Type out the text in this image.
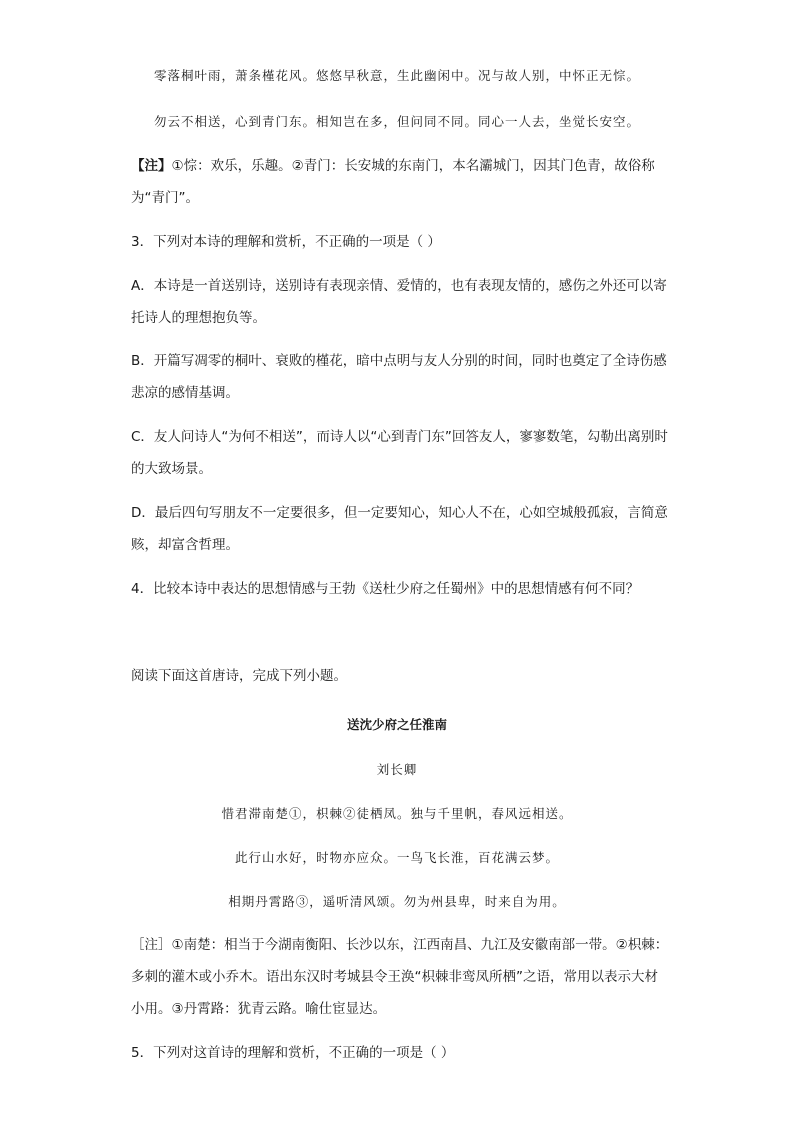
零落桐叶雨，萧条槿花风。悠悠早秋意，生此幽闲中。况与故人别，中怀正无悰。
勿云不相送，心到青门东。相知岂在多，但问同不同。同心一人去，坐觉长安空。
【注】①悰：欢乐，乐趣。②青门：长安城的东南门，本名灞城门，因其门色青，故俗称为“青门”。
3．下列对本诗的理解和赏析，不正确的一项是（ ）
A．本诗是一首送别诗，送别诗有表现亲情、爱情的，也有表现友情的，感伤之外还可以寄托诗人的理想抱负等。
B．开篇写凋零的桐叶、衰败的槿花，暗中点明与友人分别的时间，同时也奠定了全诗伤感悲凉的感情基调。
C．友人问诗人“为何不相送”，而诗人以“心到青门东”回答友人，寥寥数笔，勾勒出离别时的大致场景。
D．最后四句写朋友不一定要很多，但一定要知心，知心人不在，心如空城般孤寂，言简意赅，却富含哲理。
4．比较本诗中表达的思想情感与王勃《送杜少府之任蜀州》中的思想情感有何不同？
阅读下面这首唐诗，完成下列小题。
送沈少府之任淮南
刘长卿
惜君滞南楚①，枳棘②徒栖凤。独与千里帆，春风远相送。
此行山水好，时物亦应众。一鸟飞长淮，百花满云梦。
相期丹霄路③，遥听清风颂。勿为州县卑，时来自为用。
［注］①南楚：相当于今湖南衡阳、长沙以东，江西南昌、九江及安徽南部一带。②枳棘：多刺的灌木或小乔木。语出东汉时考城县令王涣“枳棘非鸾凤所栖”之语，常用以表示大材小用。③丹霄路：犹青云路。喻仕宦显达。
5．下列对这首诗的理解和赏析，不正确的一项是（ ）
